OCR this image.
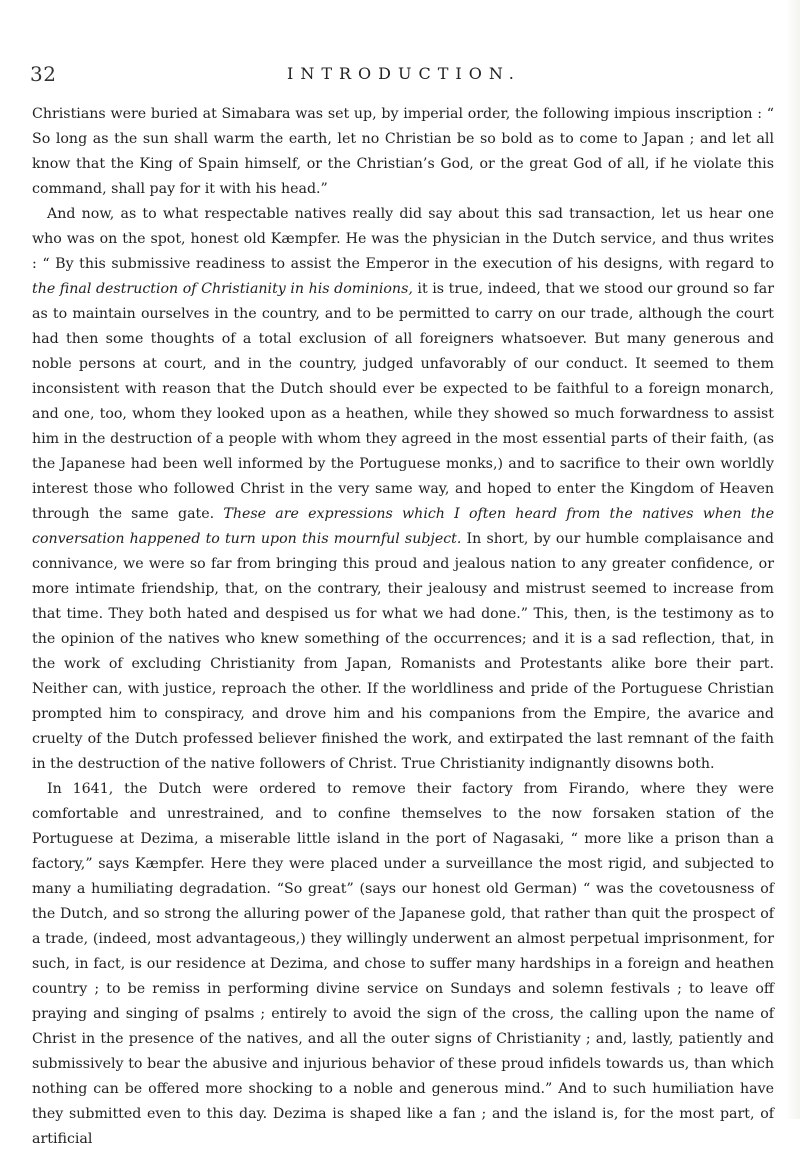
32	INTRODUCTION.

Christians were buried at Simabara was set up, by imperial order, the following impious inscription : “ So long as the sun shall warm the earth, let no Christian be so bold as to come to Japan ; and let all know that the King of Spain himself, or the Christian’s God, or the great God of all, if he violate this command, shall pay for it with his head.”

And now, as to what respectable natives really did say about this sad transaction, let us hear one who was on the spot, honest old Kæmpfer. He was the physician in the Dutch service, and thus writes : “ By this submissive readiness to assist the Emperor in the execution of his designs, with regard to the final destruction of Christianity in his dominions, it is true, indeed, that we stood our ground so far as to maintain ourselves in the country, and to be permitted to carry on our trade, although the court had then some thoughts of a total exclusion of all foreigners whatsoever. But many generous and noble persons at court, and in the country, judged unfavorably of our conduct. It seemed to them inconsistent with reason that the Dutch should ever be expected to be faithful to a foreign monarch, and one, too, whom they looked upon as a heathen, while they showed so much forwardness to assist him in the destruction of a people with whom they agreed in the most essential parts of their faith, (as the Japanese had been well informed by the Portuguese monks,) and to sacrifice to their own worldly interest those who followed Christ in the very same way, and hoped to enter the Kingdom of Heaven through the same gate. These are expressions which I often heard from the natives when the conversation happened to turn upon this mournful subject. In short, by our humble complaisance and connivance, we were so far from bringing this proud and jealous nation to any greater confidence, or more intimate friendship, that, on the contrary, their jealousy and mistrust seemed to increase from that time. They both hated and despised us for what we had done.” This, then, is the testimony as to the opinion of the natives who knew something of the occurrences; and it is a sad reflection, that, in the work of excluding Christianity from Japan, Romanists and Protestants alike bore their part. Neither can, with justice, reproach the other. If the worldliness and pride of the Portuguese Christian prompted him to conspiracy, and drove him and his companions from the Empire, the avarice and cruelty of the Dutch professed believer finished the work, and extirpated the last remnant of the faith in the destruction of the native followers of Christ. True Christianity indignantly disowns both.

In 1641, the Dutch were ordered to remove their factory from Firando, where they were comfortable and unrestrained, and to confine themselves to the now forsaken station of the Portuguese at Dezima, a miserable little island in the port of Nagasaki, “ more like a prison than a factory,” says Kæmpfer. Here they were placed under a surveillance the most rigid, and subjected to many a humiliating degradation. “So great” (says our honest old German) “ was the covetousness of the Dutch, and so strong the alluring power of the Japanese gold, that rather than quit the prospect of a trade, (indeed, most advantageous,) they willingly underwent an almost perpetual imprisonment, for such, in fact, is our residence at Dezima, and chose to suffer many hardships in a foreign and heathen country ; to be remiss in performing divine service on Sundays and solemn festivals ; to leave off praying and singing of psalms ; entirely to avoid the sign of the cross, the calling upon the name of Christ in the presence of the natives, and all the outer signs of Christianity ; and, lastly, patiently and submissively to bear the abusive and injurious behavior of these proud infidels towards us, than which nothing can be offered more shocking to a noble and generous mind.” And to such humiliation have they submitted even to this day. Dezima is shaped like a fan ; and the island is, for the most part, of artificial
